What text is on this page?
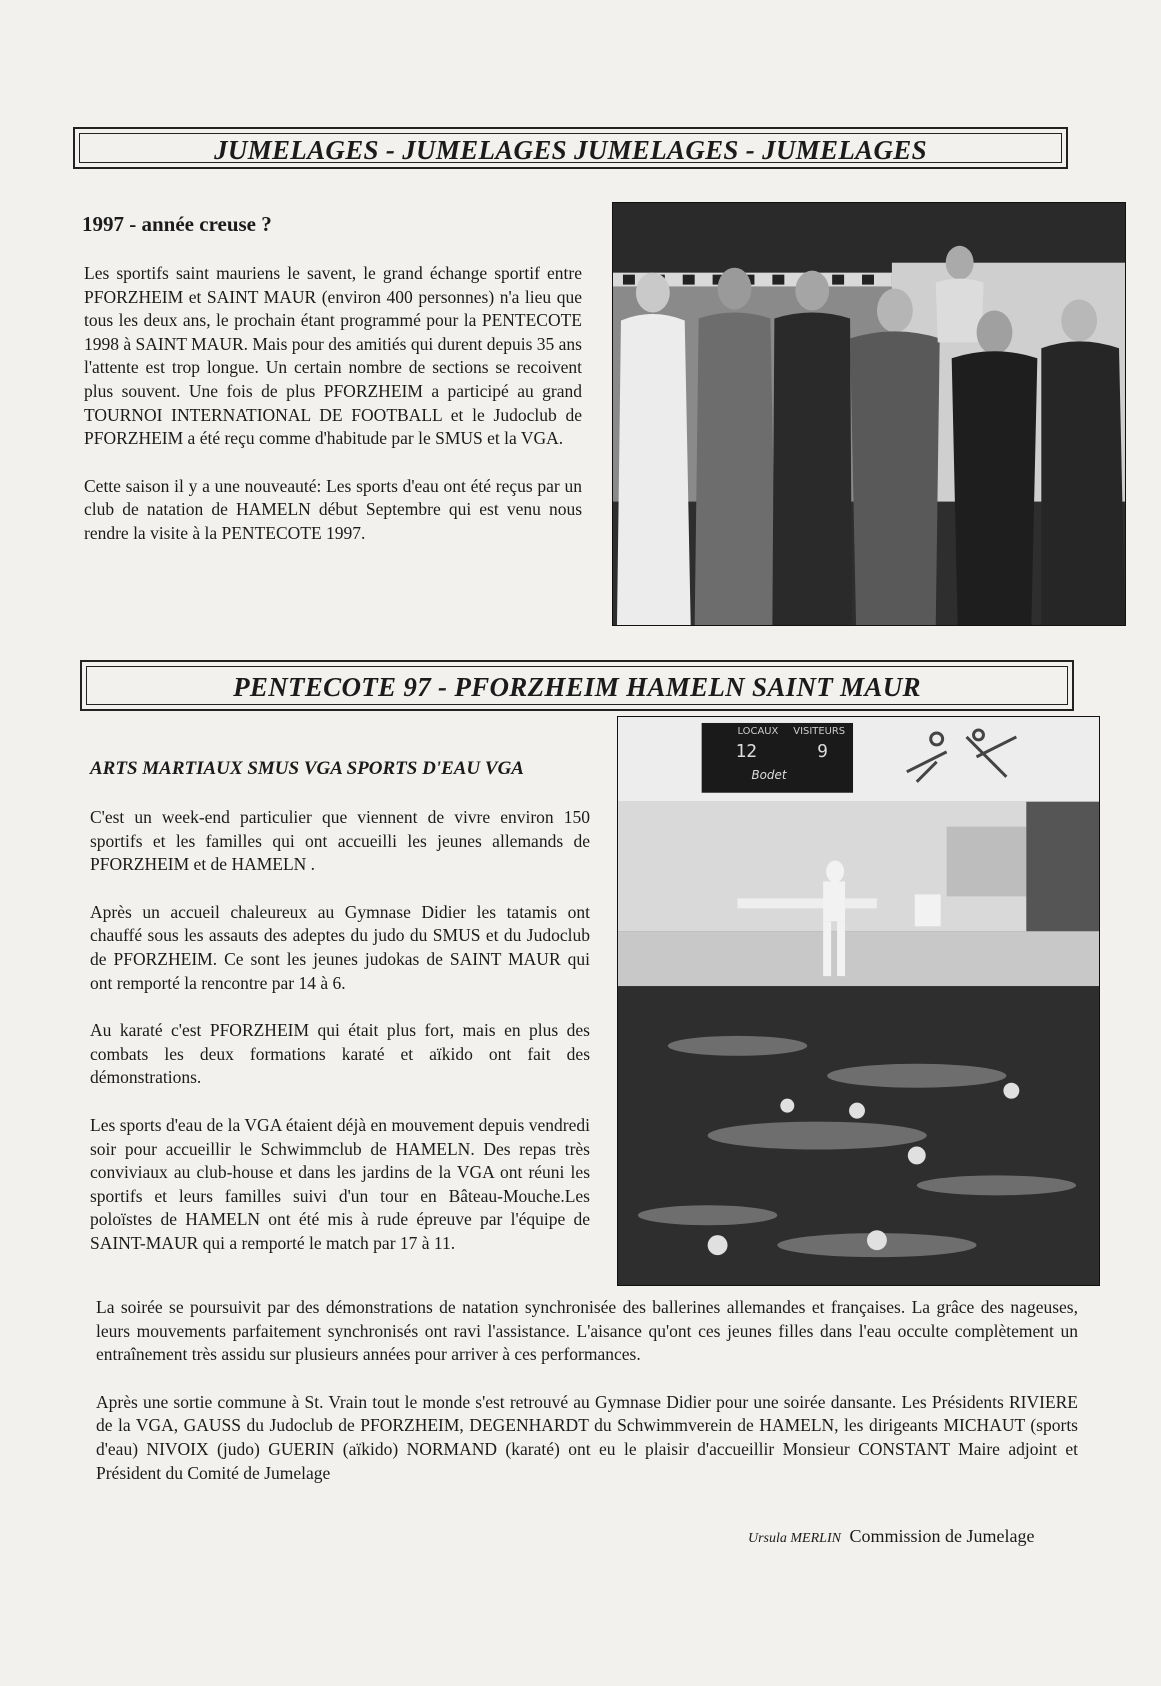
JUMELAGES - JUMELAGES JUMELAGES - JUMELAGES
1997 - année creuse ?

Les sportifs saint mauriens le savent, le grand échange sportif entre PFORZHEIM et SAINT MAUR (environ 400 personnes) n'a lieu que tous les deux ans, le prochain étant programmé pour la PENTECOTE 1998 à SAINT MAUR. Mais pour des amitiés qui durent depuis 35 ans l'attente est trop longue. Un certain nombre de sections se recoivent plus souvent. Une fois de plus PFORZHEIM a participé au grand TOURNOI INTERNATIONAL DE FOOTBALL et le Judoclub de PFORZHEIM a été reçu comme d'habitude par le SMUS et la VGA.

Cette saison il y a une nouveauté: Les sports d'eau ont été reçus par un club de natation de HAMELN début Septembre qui est venu nous rendre la visite à la PENTECOTE 1997.

PENTECOTE 97 - PFORZHEIM HAMELN SAINT MAUR
ARTS MARTIAUX SMUS VGA SPORTS D'EAU VGA

C'est un week-end particulier que viennent de vivre environ 150 sportifs et les familles qui ont accueilli les jeunes allemands de PFORZHEIM et de HAMELN .

Après un accueil chaleureux au Gymnase Didier les tatamis ont chauffé sous les assauts des adeptes du judo du SMUS et du Judoclub de PFORZHEIM. Ce sont les jeunes judokas de SAINT MAUR qui ont remporté la rencontre par 14 à 6.

Au karaté c'est PFORZHEIM qui était plus fort, mais en plus des combats les deux formations karaté et aïkido ont fait des démonstrations.

Les sports d'eau de la VGA étaient déjà en mouvement depuis vendredi soir pour accueillir le Schwimmclub de HAMELN. Des repas très conviviaux au club-house et dans les jardins de la VGA ont réuni les sportifs et leurs familles suivi d'un tour en Bâteau-Mouche.Les poloïstes de HAMELN ont été mis à rude épreuve par l'équipe de SAINT-MAUR qui a remporté le match par 17 à 11.

LOCAUX VISITEURS
12	9
Bodet

La soirée se poursuivit par des démonstrations de natation synchronisée des ballerines allemandes et françaises. La grâce des nageuses, leurs mouvements parfaitement synchronisés ont ravi l'assistance. L'aisance qu'ont ces jeunes filles dans l'eau occulte complètement un entraînement très assidu sur plusieurs années pour arriver à ces performances.

Après une sortie commune à St. Vrain tout le monde s'est retrouvé au Gymnase Didier pour une soirée dansante. Les Présidents RIVIERE de la VGA, GAUSS du Judoclub de PFORZHEIM, DEGENHARDT du Schwimmverein de HAMELN, les dirigeants MICHAUT (sports d'eau) NIVOIX (judo) GUERIN (aïkido) NORMAND (karaté) ont eu le plaisir d'accueillir Monsieur CONSTANT Maire adjoint et Président du Comité de Jumelage

Ursula MERLIN Commission de Jumelage
